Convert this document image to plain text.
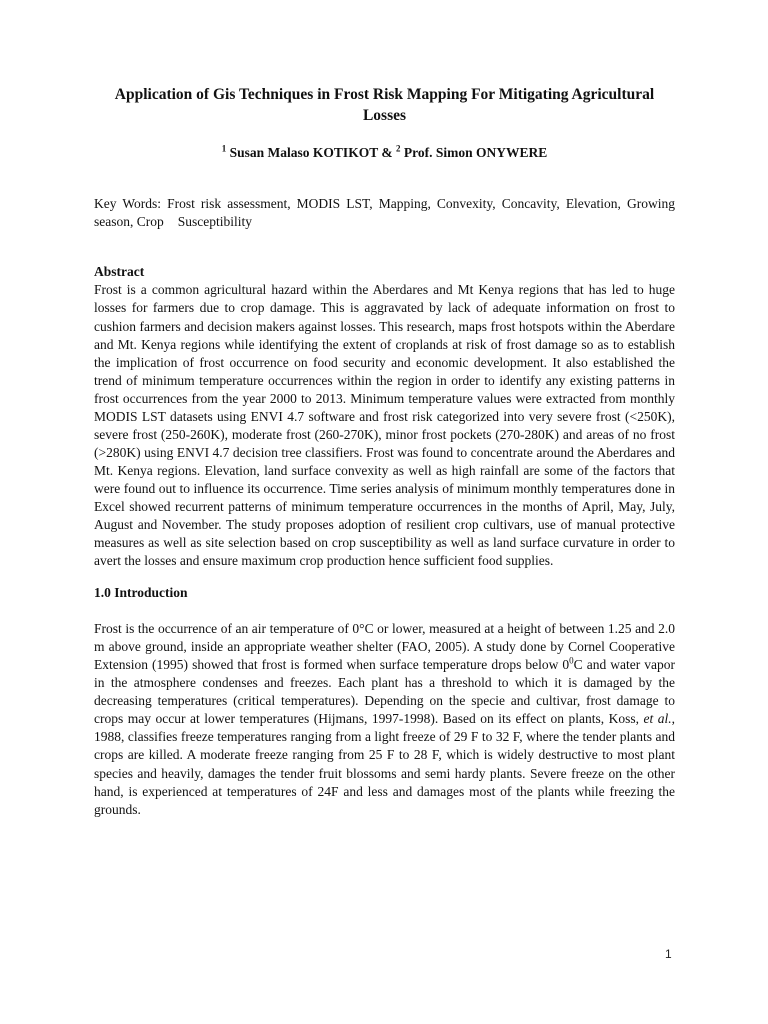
Application of Gis Techniques in Frost Risk Mapping For Mitigating Agricultural Losses

$^1$ Susan Malaso KOTIKOT & $^2$ Prof. Simon ONYWERE

Key Words: Frost risk assessment, MODIS LST, Mapping, Convexity, Concavity, Elevation, Growing season, Crop Susceptibility

Abstract

Frost is a common agricultural hazard within the Aberdares and Mt Kenya regions that has led to huge losses for farmers due to crop damage. This is aggravated by lack of adequate information on frost to cushion farmers and decision makers against losses. This research, maps frost hotspots within the Aberdare and Mt. Kenya regions while identifying the extent of croplands at risk of frost damage so as to establish the implication of frost occurrence on food security and economic development. It also established the trend of minimum temperature occurrences within the region in order to identify any existing patterns in frost occurrences from the year 2000 to 2013. Minimum temperature values were extracted from monthly MODIS LST datasets using ENVI 4.7 software and frost risk categorized into very severe frost (<250K), severe frost (250-260K), moderate frost (260-270K), minor frost pockets (270-280K) and areas of no frost (>280K) using ENVI 4.7 decision tree classifiers. Frost was found to concentrate around the Aberdares and Mt. Kenya regions. Elevation, land surface convexity as well as high rainfall are some of the factors that were found out to influence its occurrence. Time series analysis of minimum monthly temperatures done in Excel showed recurrent patterns of minimum temperature occurrences in the months of April, May, July, August and November. The study proposes adoption of resilient crop cultivars, use of manual protective measures as well as site selection based on crop susceptibility as well as land surface curvature in order to avert the losses and ensure maximum crop production hence sufficient food supplies.

1.0 Introduction

Frost is the occurrence of an air temperature of 0°C or lower, measured at a height of between 1.25 and 2.0 m above ground, inside an appropriate weather shelter (FAO, 2005). A study done by Cornel Cooperative Extension (1995) showed that frost is formed when surface temperature drops below $0^0C$ and water vapor in the atmosphere condenses and freezes. Each plant has a threshold to which it is damaged by the decreasing temperatures (critical temperatures). Depending on the specie and cultivar, frost damage to crops may occur at lower temperatures (Hijmans, 1997-1998). Based on its effect on plants, Koss, et al., 1988, classifies freeze temperatures ranging from a light freeze of 29 F to 32 F, where the tender plants and crops are killed. A moderate freeze ranging from 25 F to 28 F, which is widely destructive to most plant species and heavily, damages the tender fruit blossoms and semi hardy plants. Severe freeze on the other hand, is experienced at temperatures of 24F and less and damages most of the plants while freezing the grounds.

1
